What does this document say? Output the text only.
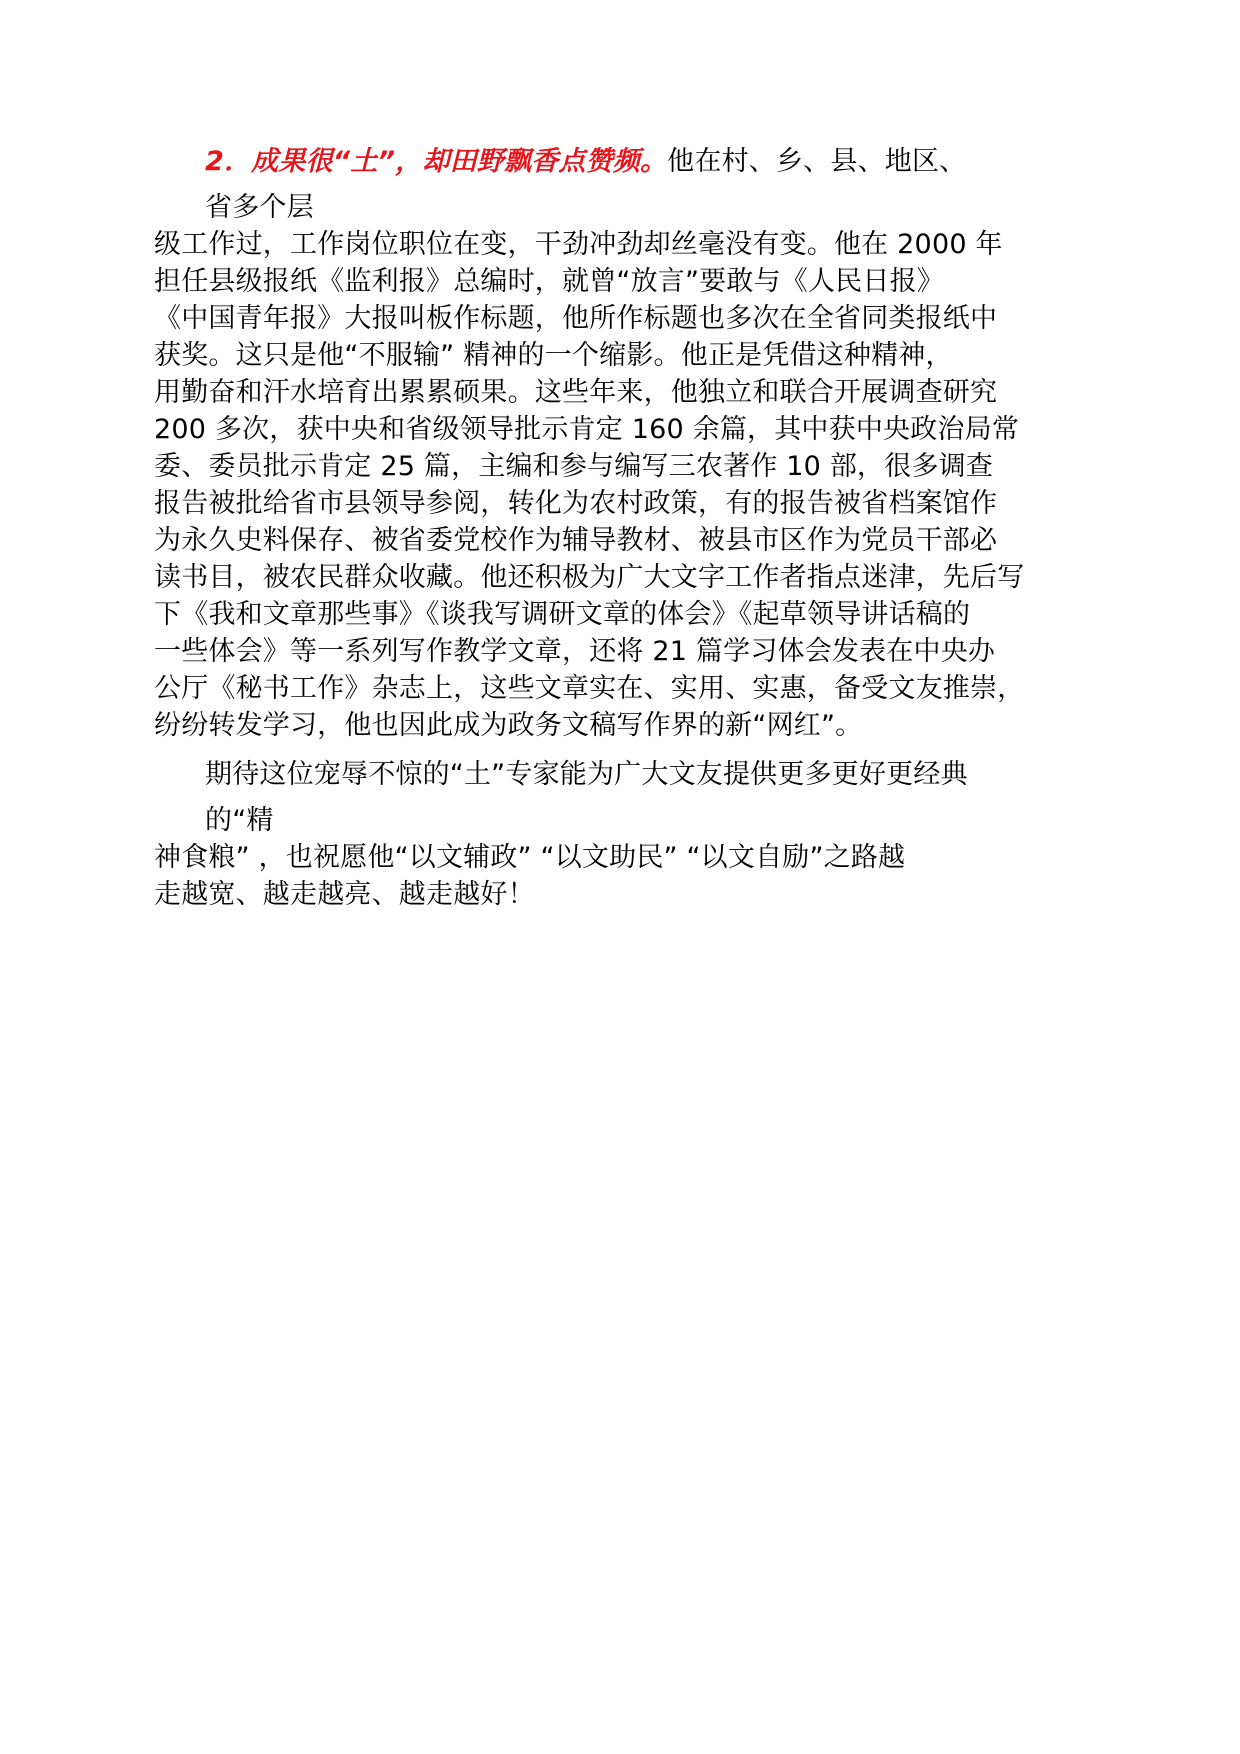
2．成果很“土”，却田野飘香点赞频。他在村、乡、县、地区、
省多个层
级工作过，工作岗位职位在变，干劲冲劲却丝毫没有变。他在 2000 年
担任县级报纸《监利报》总编时，就曾“放言”要敢与《人民日报》
《中国青年报》大报叫板作标题，他所作标题也多次在全省同类报纸中
获奖。这只是他“不服输” 精神的一个缩影。他正是凭借这种精神，
用勤奋和汗水培育出累累硕果。这些年来，他独立和联合开展调查研究
200 多次，获中央和省级领导批示肯定 160 余篇，其中获中央政治局常
委、委员批示肯定 25 篇，主编和参与编写三农著作 10 部，很多调查
报告被批给省市县领导参阅，转化为农村政策，有的报告被省档案馆作
为永久史料保存、被省委党校作为辅导教材、被县市区作为党员干部必
读书目，被农民群众收藏。他还积极为广大文字工作者指点迷津，先后写
下《我和文章那些事》《谈我写调研文章的体会》《起草领导讲话稿的
一些体会》等一系列写作教学文章，还将 21 篇学习体会发表在中央办
公厅《秘书工作》杂志上，这些文章实在、实用、实惠，备受文友推崇，
纷纷转发学习，他也因此成为政务文稿写作界的新“网红”。
期待这位宠辱不惊的“土”专家能为广大文友提供更多更好更经典
的“精
神食粮” ，也祝愿他“以文辅政” “以文助民” “以文自励”之路越
走越宽、越走越亮、越走越好！
